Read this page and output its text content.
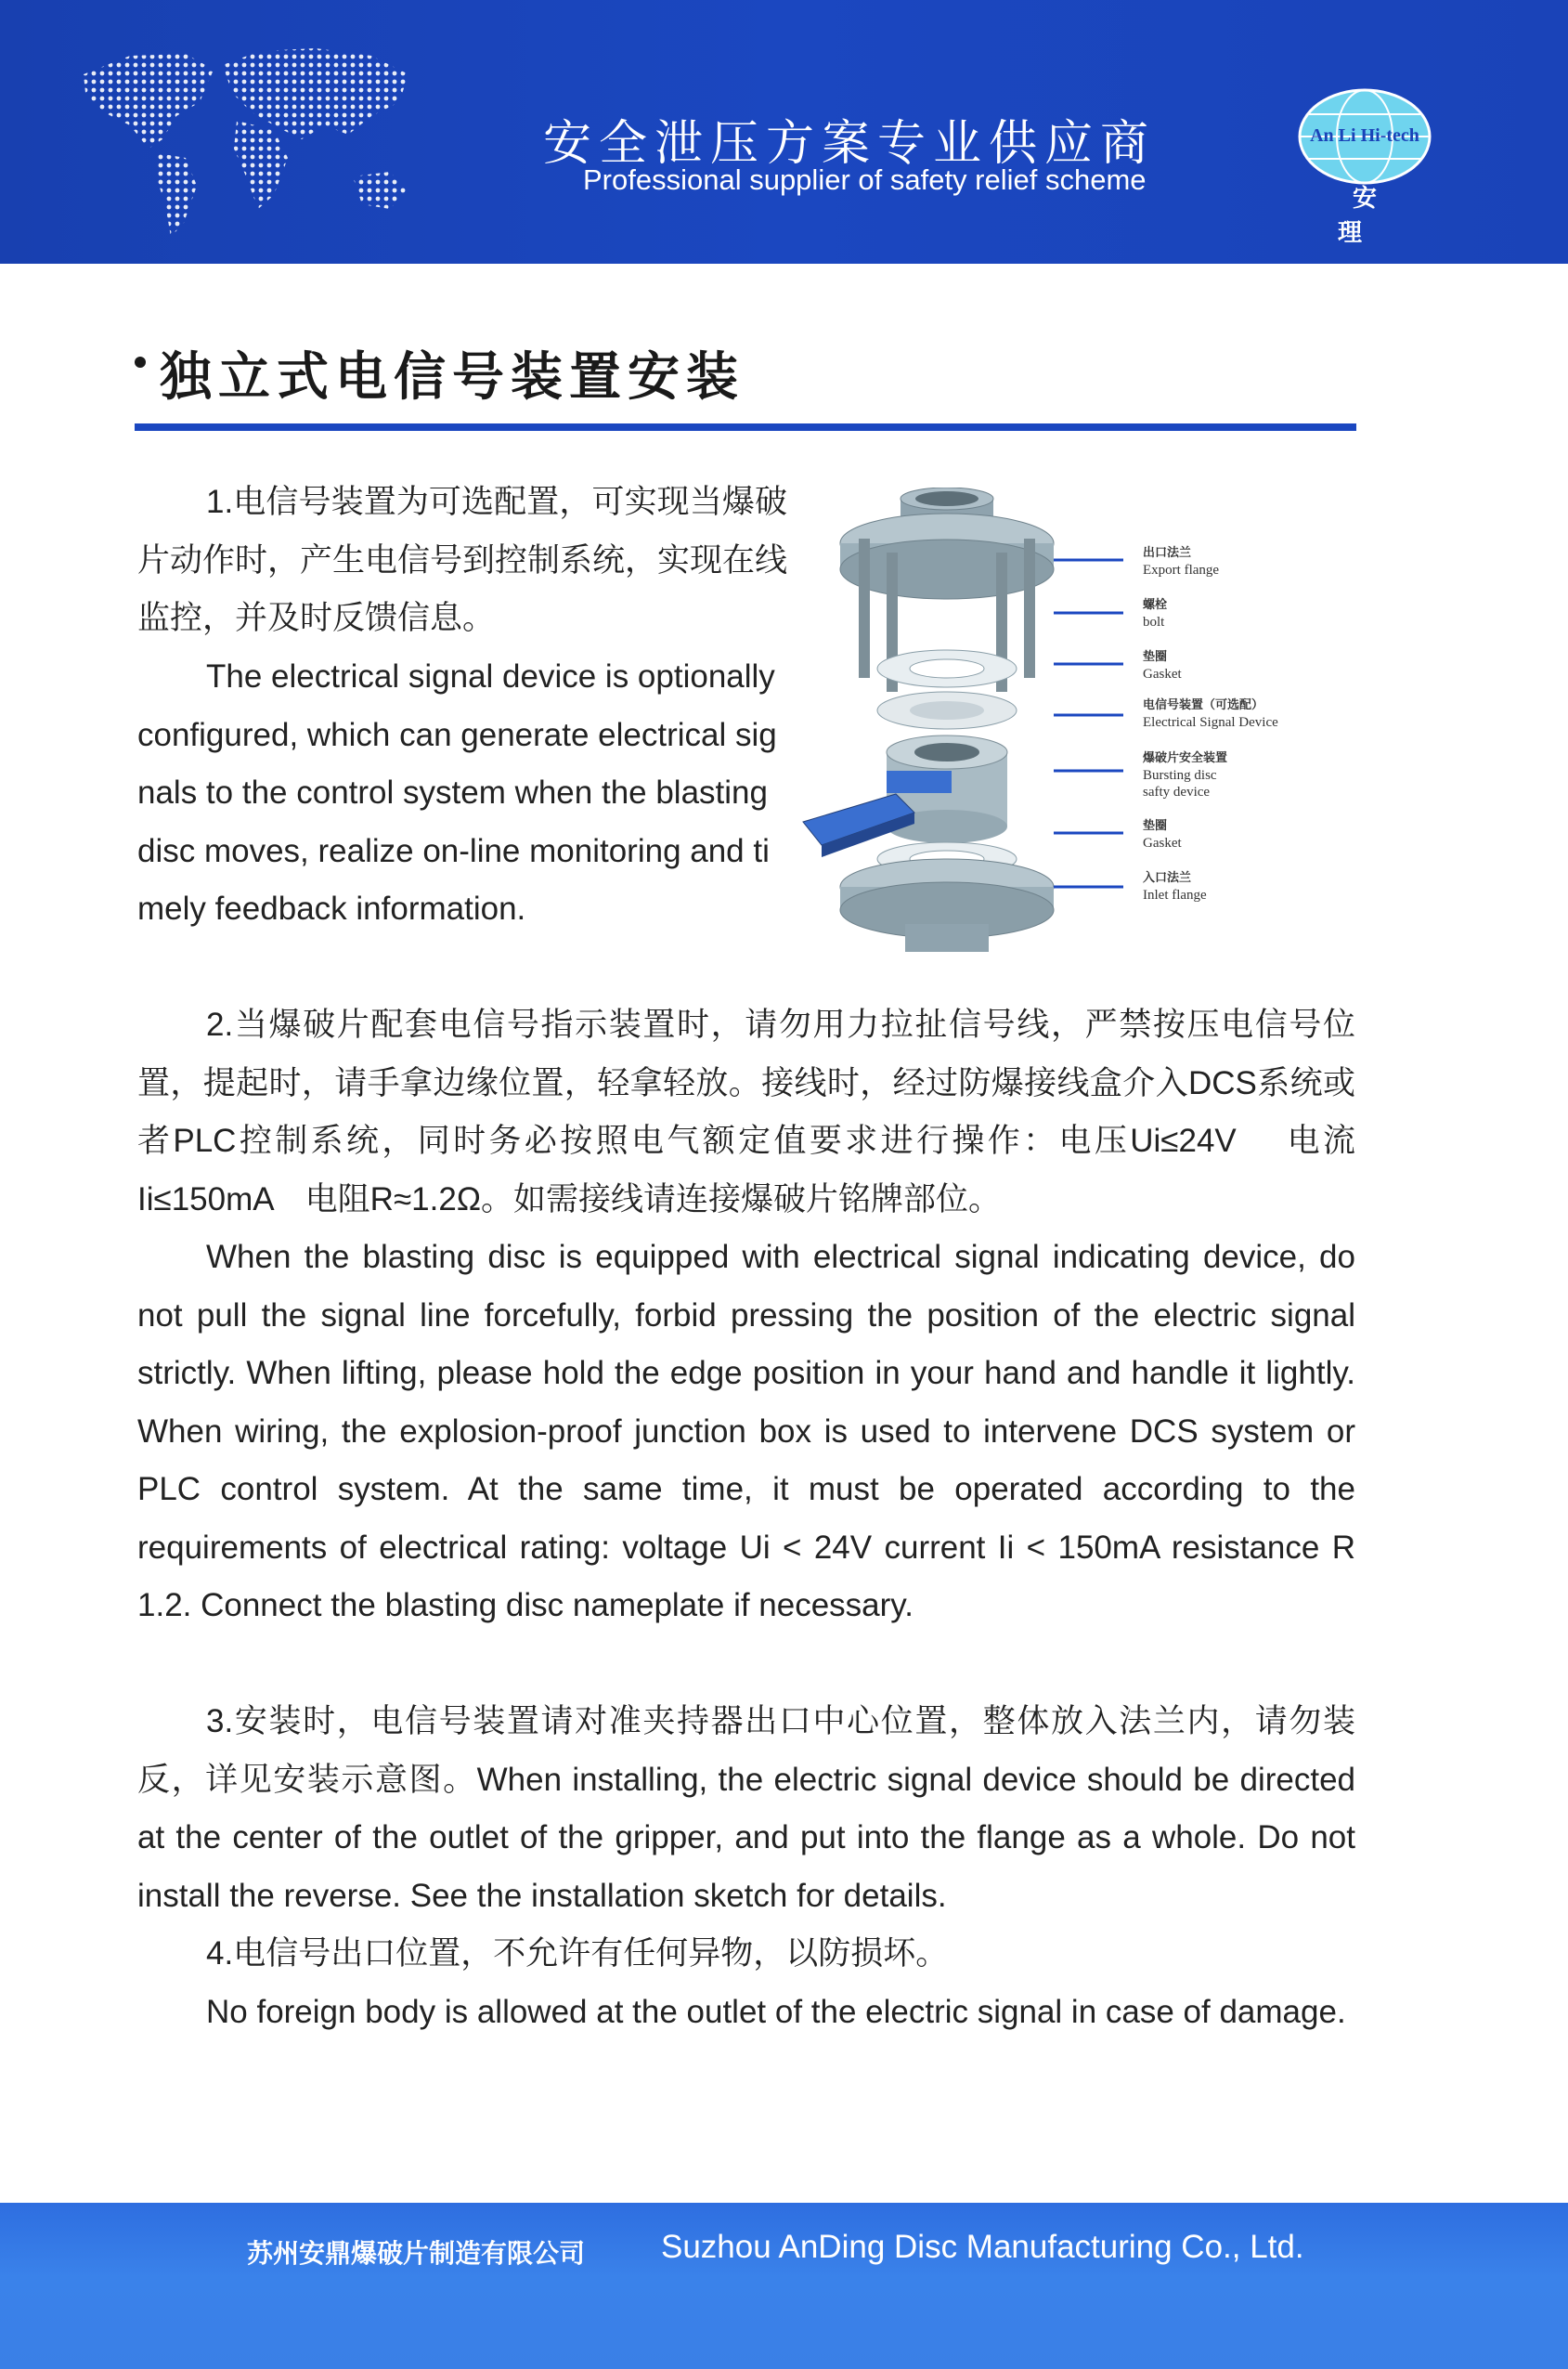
安全泄压方案专业供应商
Professional supplier of safety relief scheme
An Li Hi-tech
安 理
独立式电信号装置安装

1.电信号装置为可选配置，可实现当爆破片动作时，产生电信号到控制系统，实现在线监控，并及时反馈信息。

The electrical signal device is optionally configured, which can generate electrical signals to the control system when the blasting disc moves, realize on-line monitoring and timely feedback information.

出口法兰
Export flange
螺栓
bolt
垫圈
Gasket
电信号装置（可选配）
Electrical Signal Device
爆破片安全装置
Bursting disc
safty device
垫圈
Gasket
入口法兰
Inlet flange

2.当爆破片配套电信号指示装置时，请勿用力拉扯信号线，严禁按压电信号位置，提起时，请手拿边缘位置，轻拿轻放。接线时，经过防爆接线盒介入DCS系统或者PLC控制系统，同时务必按照电气额定值要求进行操作：电压Ui≤24V　 电流　Ii≤150mA　电阻R≈1.2Ω。如需接线请连接爆破片铭牌部位。

When the blasting disc is equipped with electrical signal indicating device, do not pull the signal line forcefully, forbid pressing the position of the electric signal strictly. When lifting, please hold the edge position in your hand and handle it lightly. When wiring, the explosion-proof junction box is used to intervene DCS system or PLC control system. At the same time, it must be operated according to the requirements of electrical rating: voltage Ui < 24V current Ii < 150mA resistance R 1.2. Connect the blasting disc nameplate if necessary.

3.安装时，电信号装置请对准夹持器出口中心位置，整体放入法兰内，请勿装反，详见安装示意图。When installing, the electric signal device should be directed at the center of the outlet of the gripper, and put into the flange as a whole. Do not install the reverse. See the installation sketch for details.

4.电信号出口位置，不允许有任何异物，以防损坏。

No foreign body is allowed at the outlet of the electric signal in case of damage.

苏州安鼎爆破片制造有限公司 Suzhou AnDing Disc Manufacturing Co., Ltd.
